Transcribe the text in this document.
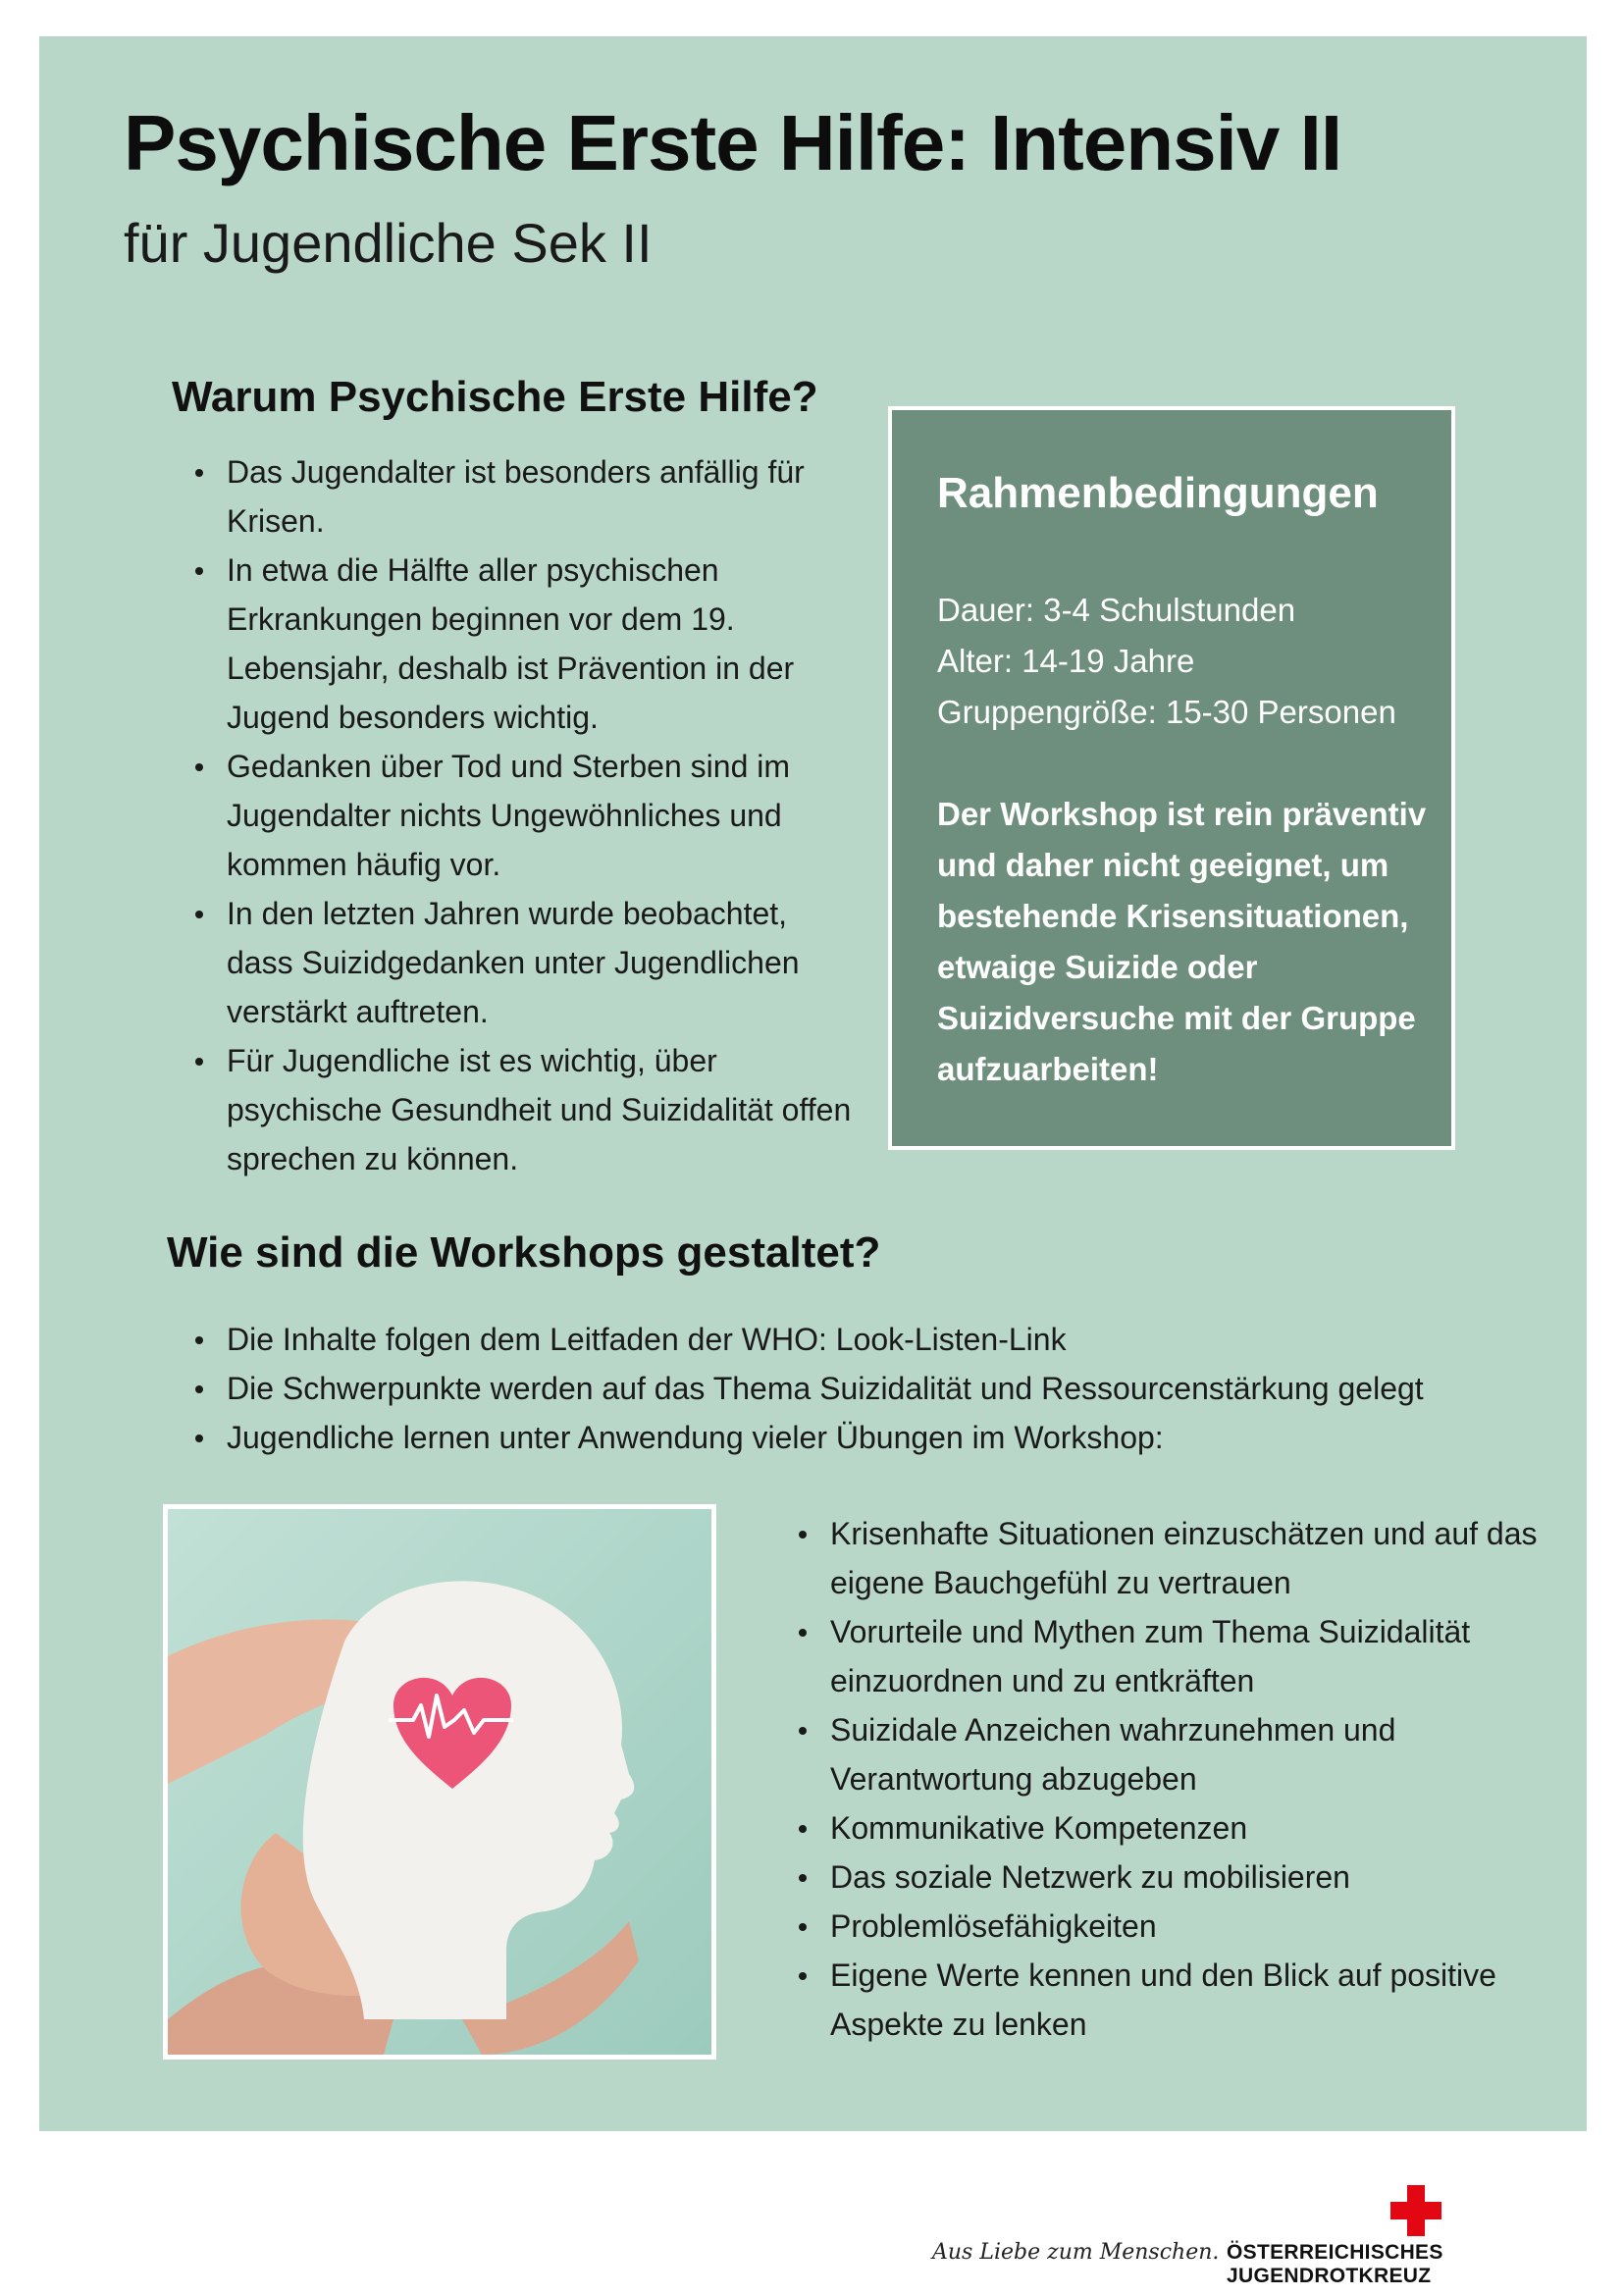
Psychische Erste Hilfe: Intensiv II
für Jugendliche Sek II
Warum Psychische Erste Hilfe?
Das Jugendalter ist besonders anfällig für Krisen.
In etwa die Hälfte aller psychischen Erkrankungen beginnen vor dem 19. Lebensjahr, deshalb ist Prävention in der Jugend besonders wichtig.
Gedanken über Tod und Sterben sind im Jugendalter nichts Ungewöhnliches und kommen häufig vor.
In den letzten Jahren wurde beobachtet, dass Suizidgedanken unter Jugendlichen verstärkt auftreten.
Für Jugendliche ist es wichtig, über psychische Gesundheit und Suizidalität offen sprechen zu können.
Rahmenbedingungen
Dauer: 3-4 Schulstunden
Alter: 14-19 Jahre
Gruppengröße: 15-30 Personen
Der Workshop ist rein präventiv und daher nicht geeignet, um bestehende Krisensituationen, etwaige Suizide oder Suizidversuche mit der Gruppe aufzuarbeiten!
Wie sind die Workshops gestaltet?
Die Inhalte folgen dem Leitfaden der WHO: Look-Listen-Link
Die Schwerpunkte werden auf das Thema Suizidalität und Ressourcenstärkung gelegt
Jugendliche lernen unter Anwendung vieler Übungen im Workshop:
Krisenhafte Situationen einzuschätzen und auf das eigene Bauchgefühl zu vertrauen
Vorurteile und Mythen zum Thema Suizidalität einzuordnen und zu entkräften
Suizidale Anzeichen wahrzunehmen und Verantwortung abzugeben
Kommunikative Kompetenzen
Das soziale Netzwerk zu mobilisieren
Problemlösefähigkeiten
Eigene Werte kennen und den Blick auf positive Aspekte zu lenken
Aus Liebe zum Menschen. ÖSTERREICHISCHES JUGENDROTKREUZ
